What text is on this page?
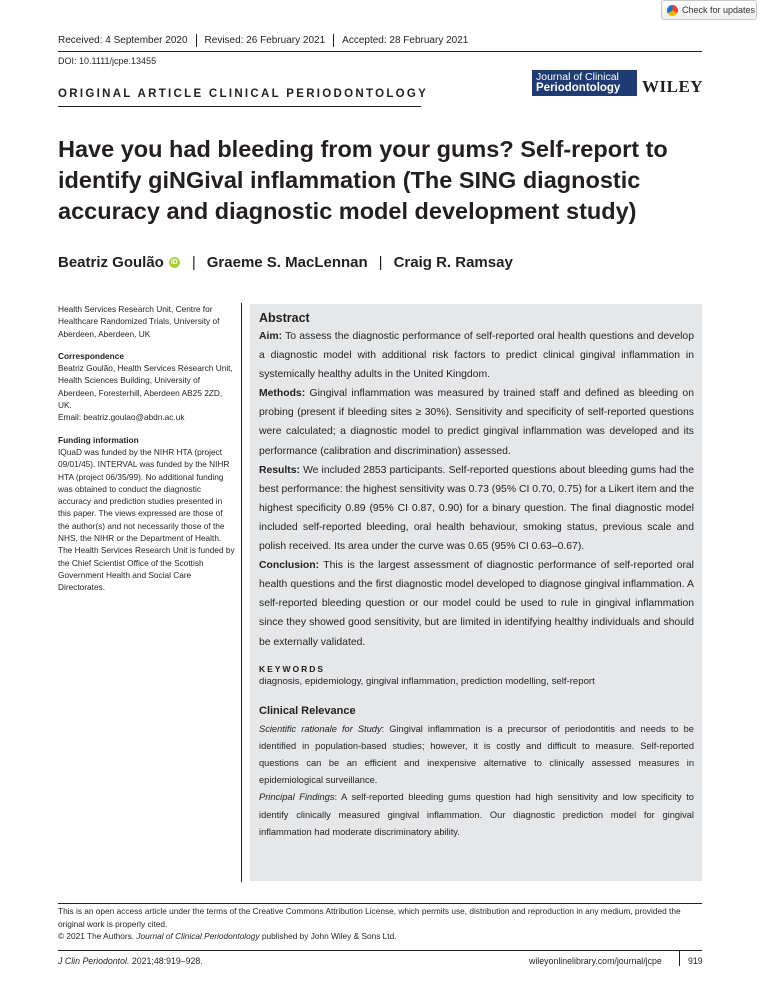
Check for updates
Received: 4 September 2020 Revised: 26 February 2021 Accepted: 28 February 2021
DOI: 10.1111/jcpe.13455
ORIGINAL ARTICLE CLINICAL PERIODONTOLOGY
Journal of Clinical
Periodontology WILEY
Have you had bleeding from your gums? Self-report to identify giNGival inflammation (The SING diagnostic accuracy and diagnostic model development study)
Beatriz Goulão iD | Graeme S. MacLennan | Craig R. Ramsay

Health Services Research Unit, Centre for Healthcare Randomized Trials, University of Aberdeen, Aberdeen, UK

Correspondence

Beatriz Goulão, Health Services Research Unit, Health Sciences Building, University of Aberdeen, Foresterhill, Aberdeen AB25 2ZD, UK.

Email: beatriz.goulao@abdn.ac.uk

Funding information

IQuaD was funded by the NIHR HTA (project 09/01/45). INTERVAL was funded by the NIHR HTA (project 06/35/99). No additional funding was obtained to conduct the diagnostic accuracy and prediction studies presented in this paper. The views expressed are those of the author(s) and not necessarily those of the NHS, the NIHR or the Department of Health. The Health Services Research Unit is funded by the Chief Scientist Office of the Scottish Government Health and Social Care Directorates.

Abstract

Aim: To assess the diagnostic performance of self-reported oral health questions and develop a diagnostic model with additional risk factors to predict clinical gingival inflammation in systemically healthy adults in the United Kingdom.

Methods: Gingival inflammation was measured by trained staff and defined as bleeding on probing (present if bleeding sites ≥ 30%). Sensitivity and specificity of self-reported questions were calculated; a diagnostic model to predict gingival inflammation was developed and its performance (calibration and discrimination) assessed.

Results: We included 2853 participants. Self-reported questions about bleeding gums had the best performance: the highest sensitivity was 0.73 (95% CI 0.70, 0.75) for a Likert item and the highest specificity 0.89 (95% CI 0.87, 0.90) for a binary question. The final diagnostic model included self-reported bleeding, oral health behaviour, smoking status, previous scale and polish received. Its area under the curve was 0.65 (95% CI 0.63–0.67).

Conclusion: This is the largest assessment of diagnostic performance of self-reported oral health questions and the first diagnostic model developed to diagnose gingival inflammation. A self-reported bleeding question or our model could be used to rule in gingival inflammation since they showed good sensitivity, but are limited in identifying healthy individuals and should be externally validated.

KEYWORDS
diagnosis, epidemiology, gingival inflammation, prediction modelling, self-report
Clinical Relevance

Scientific rationale for Study: Gingival inflammation is a precursor of periodontitis and needs to be identified in population-based studies; however, it is costly and difficult to measure. Self-reported questions can be an efficient and inexpensive alternative to clinically assessed measures in epidemiological surveillance.

Principal Findings: A self-reported bleeding gums question had high sensitivity and low specificity to identify clinically measured gingival inflammation. Our diagnostic prediction model for gingival inflammation had moderate discriminatory ability.

This is an open access article under the terms of the Creative Commons Attribution License, which permits use, distribution and reproduction in any medium, provided the original work is properly cited.

© 2021 The Authors. Journal of Clinical Periodontology published by John Wiley & Sons Ltd.

J Clin Periodontol. 2021;48:919–928.	wileyonlinelibrary.com/journal/jcpe	919
